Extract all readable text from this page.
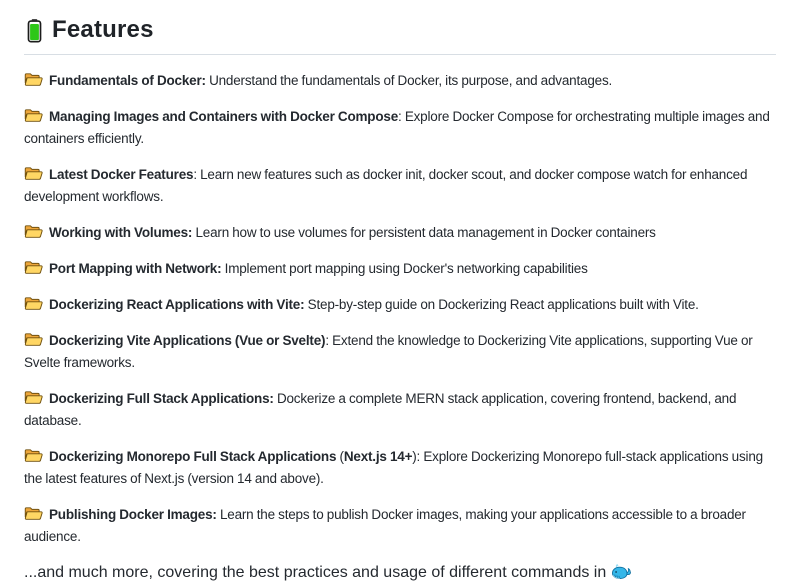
Features

Fundamentals of Docker: Understand the fundamentals of Docker, its purpose, and advantages.

Managing Images and Containers with Docker Compose: Explore Docker Compose for orchestrating multiple images and containers efficiently.

Latest Docker Features: Learn new features such as docker init, docker scout, and docker compose watch for enhanced development workflows.

Working with Volumes: Learn how to use volumes for persistent data management in Docker containers

Port Mapping with Network: Implement port mapping using Docker's networking capabilities

Dockerizing React Applications with Vite: Step-by-step guide on Dockerizing React applications built with Vite.

Dockerizing Vite Applications (Vue or Svelte): Extend the knowledge to Dockerizing Vite applications, supporting Vue or Svelte frameworks.

Dockerizing Full Stack Applications: Dockerize a complete MERN stack application, covering frontend, backend, and database.

Dockerizing Monorepo Full Stack Applications (Next.js 14+): Explore Dockerizing Monorepo full-stack applications using the latest features of Next.js (version 14 and above).

Publishing Docker Images: Learn the steps to publish Docker images, making your applications accessible to a broader audience.

...and much more, covering the best practices and usage of different commands in
